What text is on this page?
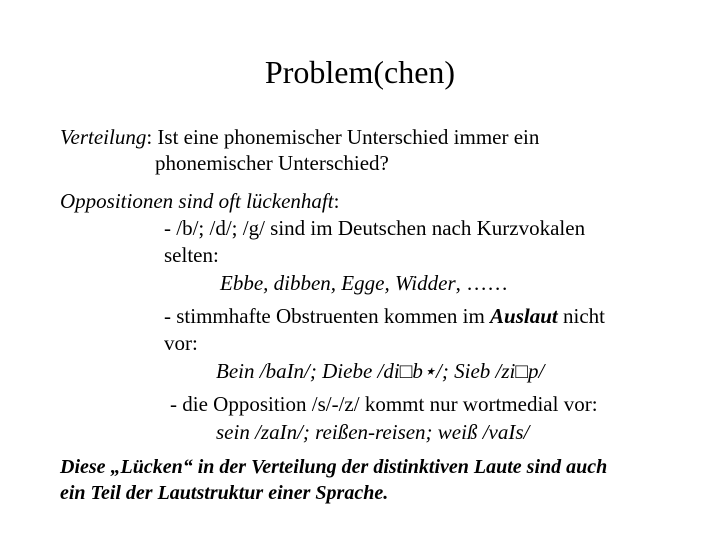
Problem(chen)
Verteilung: Ist eine phonemischer Unterschied immer ein
phonemischer Unterschied?
Oppositionen sind oft lückenhaft:
- /b/; /d/; /g/ sind im Deutschen nach Kurzvokalen
selten:
Ebbe, dibben, Egge, Widder, ……
- stimmhafte Obstruenten kommen im Auslaut nicht
vor:
Bein /baIn/; Diebe /di□b⋆/; Sieb /zi□p/
- die Opposition /s/-/z/ kommt nur wortmedial vor:
sein /zaIn/; reißen-reisen; weiß /vaIs/
Diese „Lücken“ in der Verteilung der distinktiven Laute sind auch
ein Teil der Lautstruktur einer Sprache.
